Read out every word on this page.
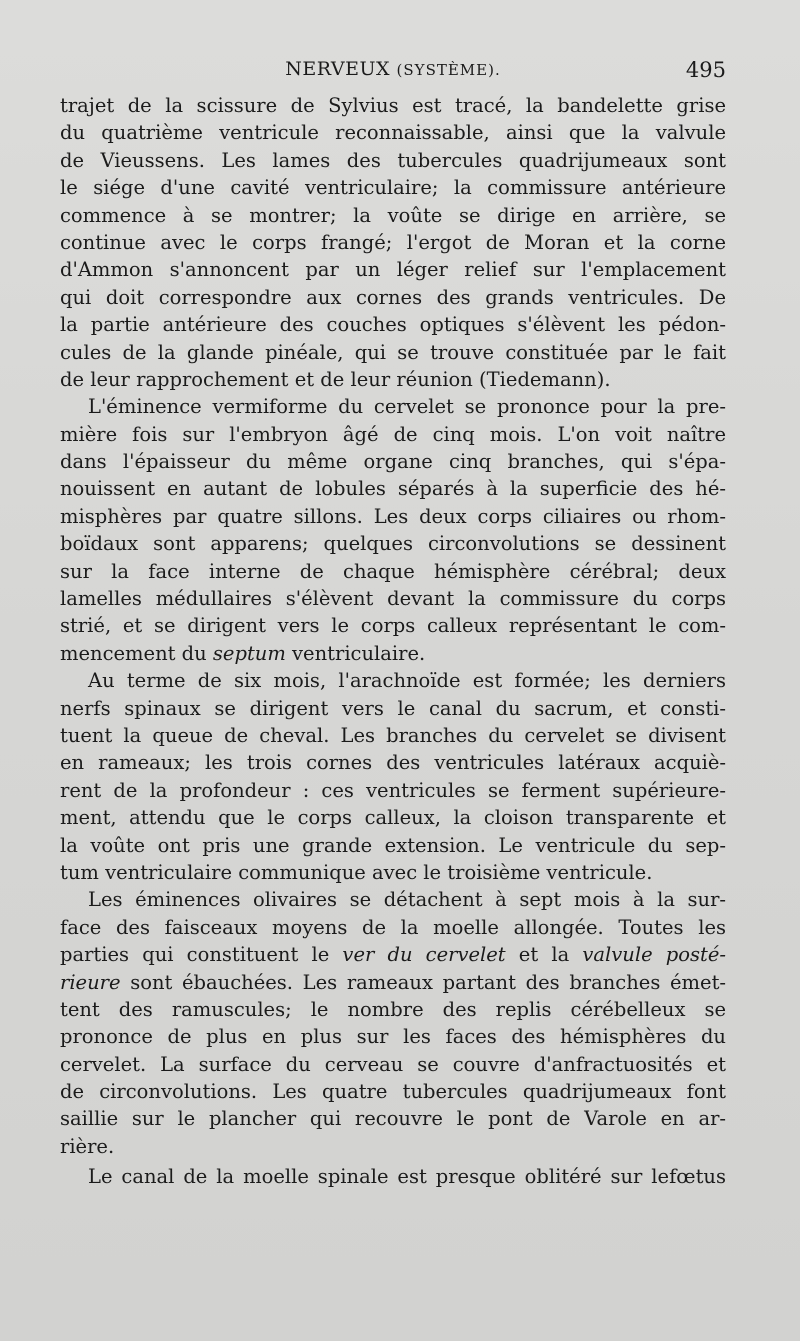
NERVEUX (SYSTÈME).	495
trajet de la scissure de Sylvius est tracé, la bandelette grise
du quatrième ventricule reconnaissable, ainsi que la valvule
de Vieussens. Les lames des tubercules quadrijumeaux sont
le siége d'une cavité ventriculaire; la commissure antérieure
commence à se montrer; la voûte se dirige en arrière, se
continue avec le corps frangé; l'ergot de Moran et la corne
d'Ammon s'annoncent par un léger relief sur l'emplacement
qui doit correspondre aux cornes des grands ventricules. De
la partie antérieure des couches optiques s'élèvent les pédon-
cules de la glande pinéale, qui se trouve constituée par le fait
de leur rapprochement et de leur réunion (Tiedemann).
L'éminence vermiforme du cervelet se prononce pour la pre-
mière fois sur l'embryon âgé de cinq mois. L'on voit naître
dans l'épaisseur du même organe cinq branches, qui s'épa-
nouissent en autant de lobules séparés à la superficie des hé-
misphères par quatre sillons. Les deux corps ciliaires ou rhom-
boïdaux sont apparens; quelques circonvolutions se dessinent
sur la face interne de chaque hémisphère cérébral; deux
lamelles médullaires s'élèvent devant la commissure du corps
strié, et se dirigent vers le corps calleux représentant le com-
mencement du septum ventriculaire.
Au terme de six mois, l'arachnoïde est formée; les derniers
nerfs spinaux se dirigent vers le canal du sacrum, et consti-
tuent la queue de cheval. Les branches du cervelet se divisent
en rameaux; les trois cornes des ventricules latéraux acquiè-
rent de la profondeur : ces ventricules se ferment supérieure-
ment, attendu que le corps calleux, la cloison transparente et
la voûte ont pris une grande extension. Le ventricule du sep-
tum ventriculaire communique avec le troisième ventricule.
Les éminences olivaires se détachent à sept mois à la sur-
face des faisceaux moyens de la moelle allongée. Toutes les
parties qui constituent le ver du cervelet et la valvule posté-
rieure sont ébauchées. Les rameaux partant des branches émet-
tent des ramuscules; le nombre des replis cérébelleux se
prononce de plus en plus sur les faces des hémisphères du
cervelet. La surface du cerveau se couvre d'anfractuosités et
de circonvolutions. Les quatre tubercules quadrijumeaux font
saillie sur le plancher qui recouvre le pont de Varole en ar-
rière.
Le canal de la moelle spinale est presque oblitéré sur lefœtus
